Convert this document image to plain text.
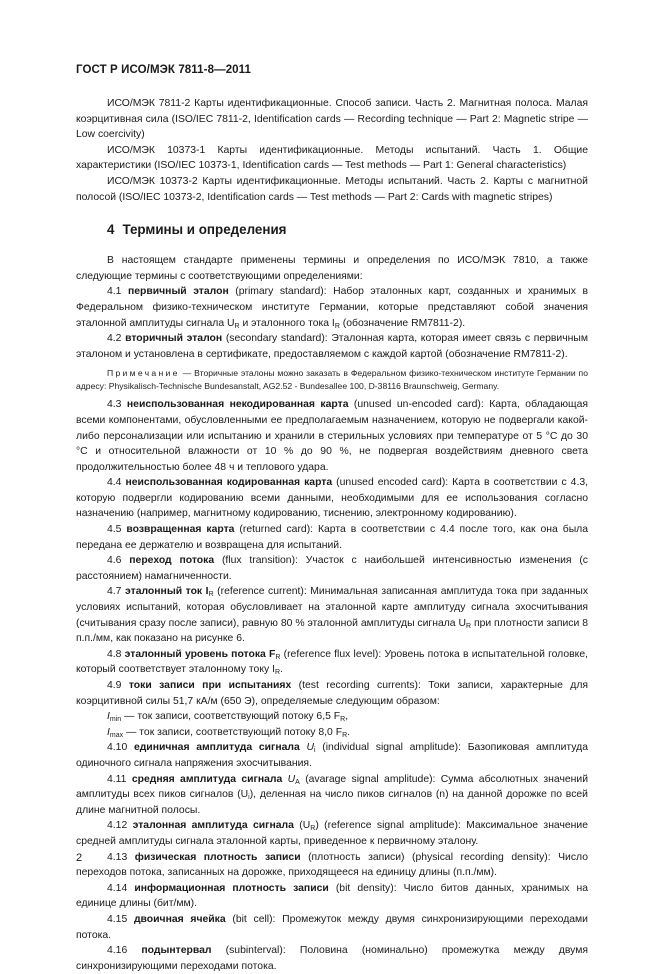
ГОСТ Р ИСО/МЭК 7811-8—2011

ИСО/МЭК 7811-2 Карты идентификационные. Способ записи. Часть 2. Магнитная полоса. Малая коэрцитивная сила (ISO/IEC 7811-2, Identification cards — Recording technique — Part 2: Magnetic stripe — Low coercivity)

ИСО/МЭК 10373-1 Карты идентификационные. Методы испытаний. Часть 1. Общие характеристики (ISO/IEC 10373-1, Identification cards — Test methods — Part 1: General characteristics)

ИСО/МЭК 10373-2 Карты идентификационные. Методы испытаний. Часть 2. Карты с магнитной полосой (ISO/IEC 10373-2, Identification cards — Test methods — Part 2: Cards with magnetic stripes)

4 Термины и определения

В настоящем стандарте применены термины и определения по ИСО/МЭК 7810, а также следующие термины с соответствующими определениями:

4.1 первичный эталон (primary standard): Набор эталонных карт, созданных и хранимых в Федеральном физико-техническом институте Германии, которые представляют собой значения эталонной амплитуды сигнала $U_R$ и эталонного тока $I_R$ (обозначение RM7811-2).

4.2 вторичный эталон (secondary standard): Эталонная карта, которая имеет связь с первичным эталоном и установлена в сертификате, предоставляемом с каждой картой (обозначение RM7811-2).

Примечание — Вторичные эталоны можно заказать в Федеральном физико-техническом институте Германии по адресу: Physikalisch-Technische Bundesanstalt, AG2.52 - Bundesallee 100, D-38116 Braunschweig, Germany.

4.3 неиспользованная некодированная карта (unused un-encoded card): Карта, обладающая всеми компонентами, обусловленными ее предполагаемым назначением, которую не подвергали какой-либо персонализации или испытанию и хранили в стерильных условиях при температуре от 5 °С до 30 °С и относительной влажности от 10 % до 90 %, не подвергая воздействиям дневного света продолжительностью более 48 ч и теплового удара.

4.4 неиспользованная кодированная карта (unused encoded card): Карта в соответствии с 4.3, которую подвергли кодированию всеми данными, необходимыми для ее использования согласно назначению (например, магнитному кодированию, тиснению, электронному кодированию).

4.5 возвращенная карта (returned card): Карта в соответствии с 4.4 после того, как она была передана ее держателю и возвращена для испытаний.

4.6 переход потока (flux transition): Участок с наибольшей интенсивностью изменения (с расстоянием) намагниченности.

4.7 эталонный ток $I_R$ (reference current): Минимальная записанная амплитуда тока при заданных условиях испытаний, которая обусловливает на эталонной карте амплитуду сигнала эхосчитывания (считывания сразу после записи), равную 80 % эталонной амплитуды сигнала $U_R$ при плотности записи 8 п.п./мм, как показано на рисунке 6.

4.8 эталонный уровень потока $F_R$ (reference flux level): Уровень потока в испытательной головке, который соответствует эталонному току $I_R$.

4.9 токи записи при испытаниях (test recording currents): Токи записи, характерные для коэрцитивной силы 51,7 кА/м (650 Э), определяемые следующим образом:

$I_{min}$ — ток записи, соответствующий потоку 6,5 $F_R$,

$I_{max}$ — ток записи, соответствующий потоку 8,0 $F_R$.

4.10 единичная амплитуда сигнала $U_i$ (individual signal amplitude): Базопиковая амплитуда одиночного сигнала напряжения эхосчитывания.

4.11 средняя амплитуда сигнала $U_A$ (avarage signal amplitude): Сумма абсолютных значений амплитуды всех пиков сигналов $(U_i)$, деленная на число пиков сигналов (n) на данной дорожке по всей длине магнитной полосы.

4.12 эталонная амплитуда сигнала $(U_R)$ (reference signal amplitude): Максимальное значение средней амплитуды сигнала эталонной карты, приведенное к первичному эталону.

4.13 физическая плотность записи (плотность записи) (physical recording density): Число переходов потока, записанных на дорожке, приходящееся на единицу длины (п.п./мм).

4.14 информационная плотность записи (bit density): Число битов данных, хранимых на единице длины (бит/мм).

4.15 двоичная ячейка (bit cell): Промежуток между двумя синхронизирующими переходами потока.

4.16 подынтервал (subinterval): Половина (номинально) промежутка между двумя синхронизирующими переходами потока.

2
